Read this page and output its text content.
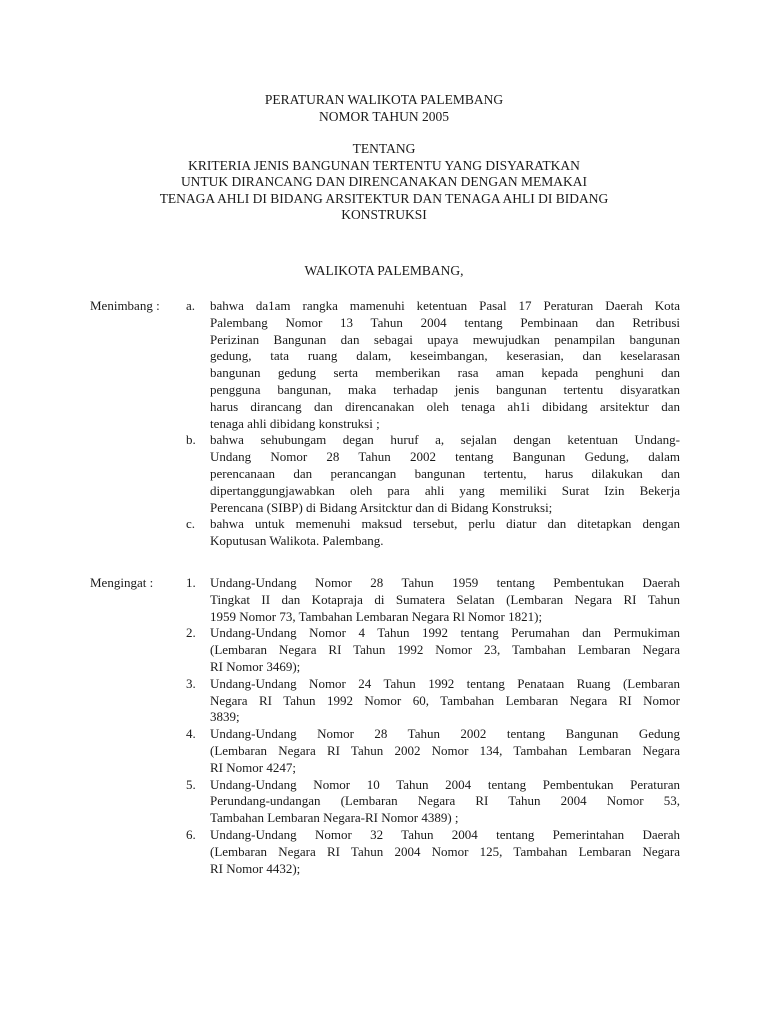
PERATURAN WALIKOTA PALEMBANG
NOMOR TAHUN 2005
TENTANG
KRITERIA JENIS BANGUNAN TERTENTU YANG DISYARATKAN
UNTUK DIRANCANG DAN DIRENCANAKAN DENGAN MEMAKAI
TENAGA AHLI DI BIDANG ARSITEKTUR DAN TENAGA AHLI DI BIDANG
KONSTRUKSI
WALIKOTA PALEMBANG,
Menimbang : a.	bahwa da1am rangka mamenuhi ketentuan Pasal 17 Peraturan Daerah Kota
Palembang Nomor 13 Tahun 2004 tentang Pembinaan dan Retribusi
Perizinan Bangunan dan sebagai upaya mewujudkan penampilan bangunan
gedung, tata ruang dalam, keseimbangan, keserasian, dan keselarasan
bangunan gedung serta memberikan rasa aman kepada penghuni dan
pengguna bangunan, maka terhadap jenis bangunan tertentu disyaratkan
harus dirancang dan direncanakan oleh tenaga ah1i dibidang arsitektur dan
tenaga ahli dibidang konstruksi ;
b.	bahwa sehubungam degan huruf a, sejalan dengan ketentuan Undang-
Undang Nomor 28 Tahun 2002 tentang Bangunan Gedung, dalam
perencanaan dan perancangan bangunan tertentu, harus dilakukan dan
dipertanggungjawabkan oleh para ahli yang memiliki Surat Izin Bekerja
Perencana (SIBP) di Bidang Arsitcktur dan di Bidang Konstruksi;
c.	bahwa untuk memenuhi maksud tersebut, perlu diatur dan ditetapkan dengan
Koputusan Walikota. Palembang.
Mengingat :	1.	Undang-Undang Nomor 28 Tahun 1959 tentang Pembentukan Daerah
Tingkat II dan Kotapraja di Sumatera Selatan (Lembaran Negara RI Tahun
1959 Nomor 73, Tambahan Lembaran Negara Rl Nomor 1821);
2.	Undang-Undang Nomor 4 Tahun 1992 tentang Perumahan dan Permukiman
(Lembaran Negara RI Tahun 1992 Nomor 23, Tambahan Lembaran Negara
RI Nomor 3469);
3.	Undang-Undang Nomor 24 Tahun 1992 tentang Penataan Ruang (Lembaran
Negara RI Tahun 1992 Nomor 60, Tambahan Lembaran Negara RI Nomor
3839;
4.	Undang-Undang Nomor 28 Tahun 2002 tentang Bangunan Gedung
(Lembaran Negara RI Tahun 2002 Nomor 134, Tambahan Lembaran Negara
RI Nomor 4247;
5.	Undang-Undang Nomor 10 Tahun 2004 tentang Pembentukan Peraturan
Perundang-undangan (Lembaran Negara RI Tahun 2004 Nomor 53,
Tambahan Lembaran Negara-RI Nomor 4389) ;
6.	Undang-Undang Nomor 32 Tahun 2004 tentang Pemerintahan Daerah
(Lembaran Negara RI Tahun 2004 Nomor 125, Tambahan Lembaran Negara
RI Nomor 4432);
